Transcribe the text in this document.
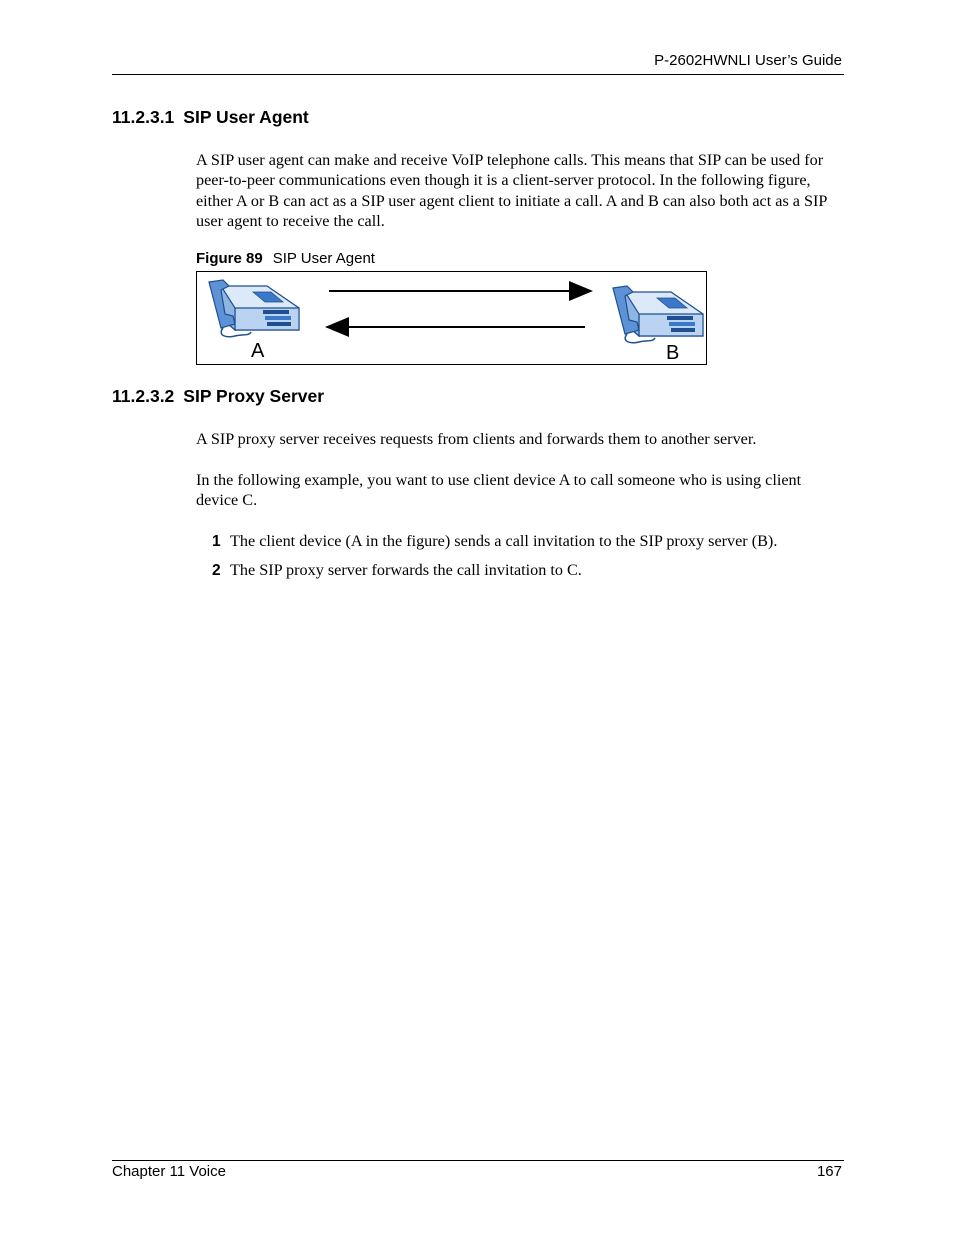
P-2602HWNLI User’s Guide
11.2.3.1 SIP User Agent
A SIP user agent can make and receive VoIP telephone calls. This means that SIP can be used for peer-to-peer communications even though it is a client-server protocol. In the following figure, either A or B can act as a SIP user agent client to initiate a call. A and B can also both act as a SIP user agent to receive the call.
Figure 89 SIP User Agent
A	B
11.2.3.2 SIP Proxy Server
A SIP proxy server receives requests from clients and forwards them to another server.
In the following example, you want to use client device A to call someone who is using client device C.
1 The client device (A in the figure) sends a call invitation to the SIP proxy server (B).
2 The SIP proxy server forwards the call invitation to C.
Chapter 11 Voice	167
